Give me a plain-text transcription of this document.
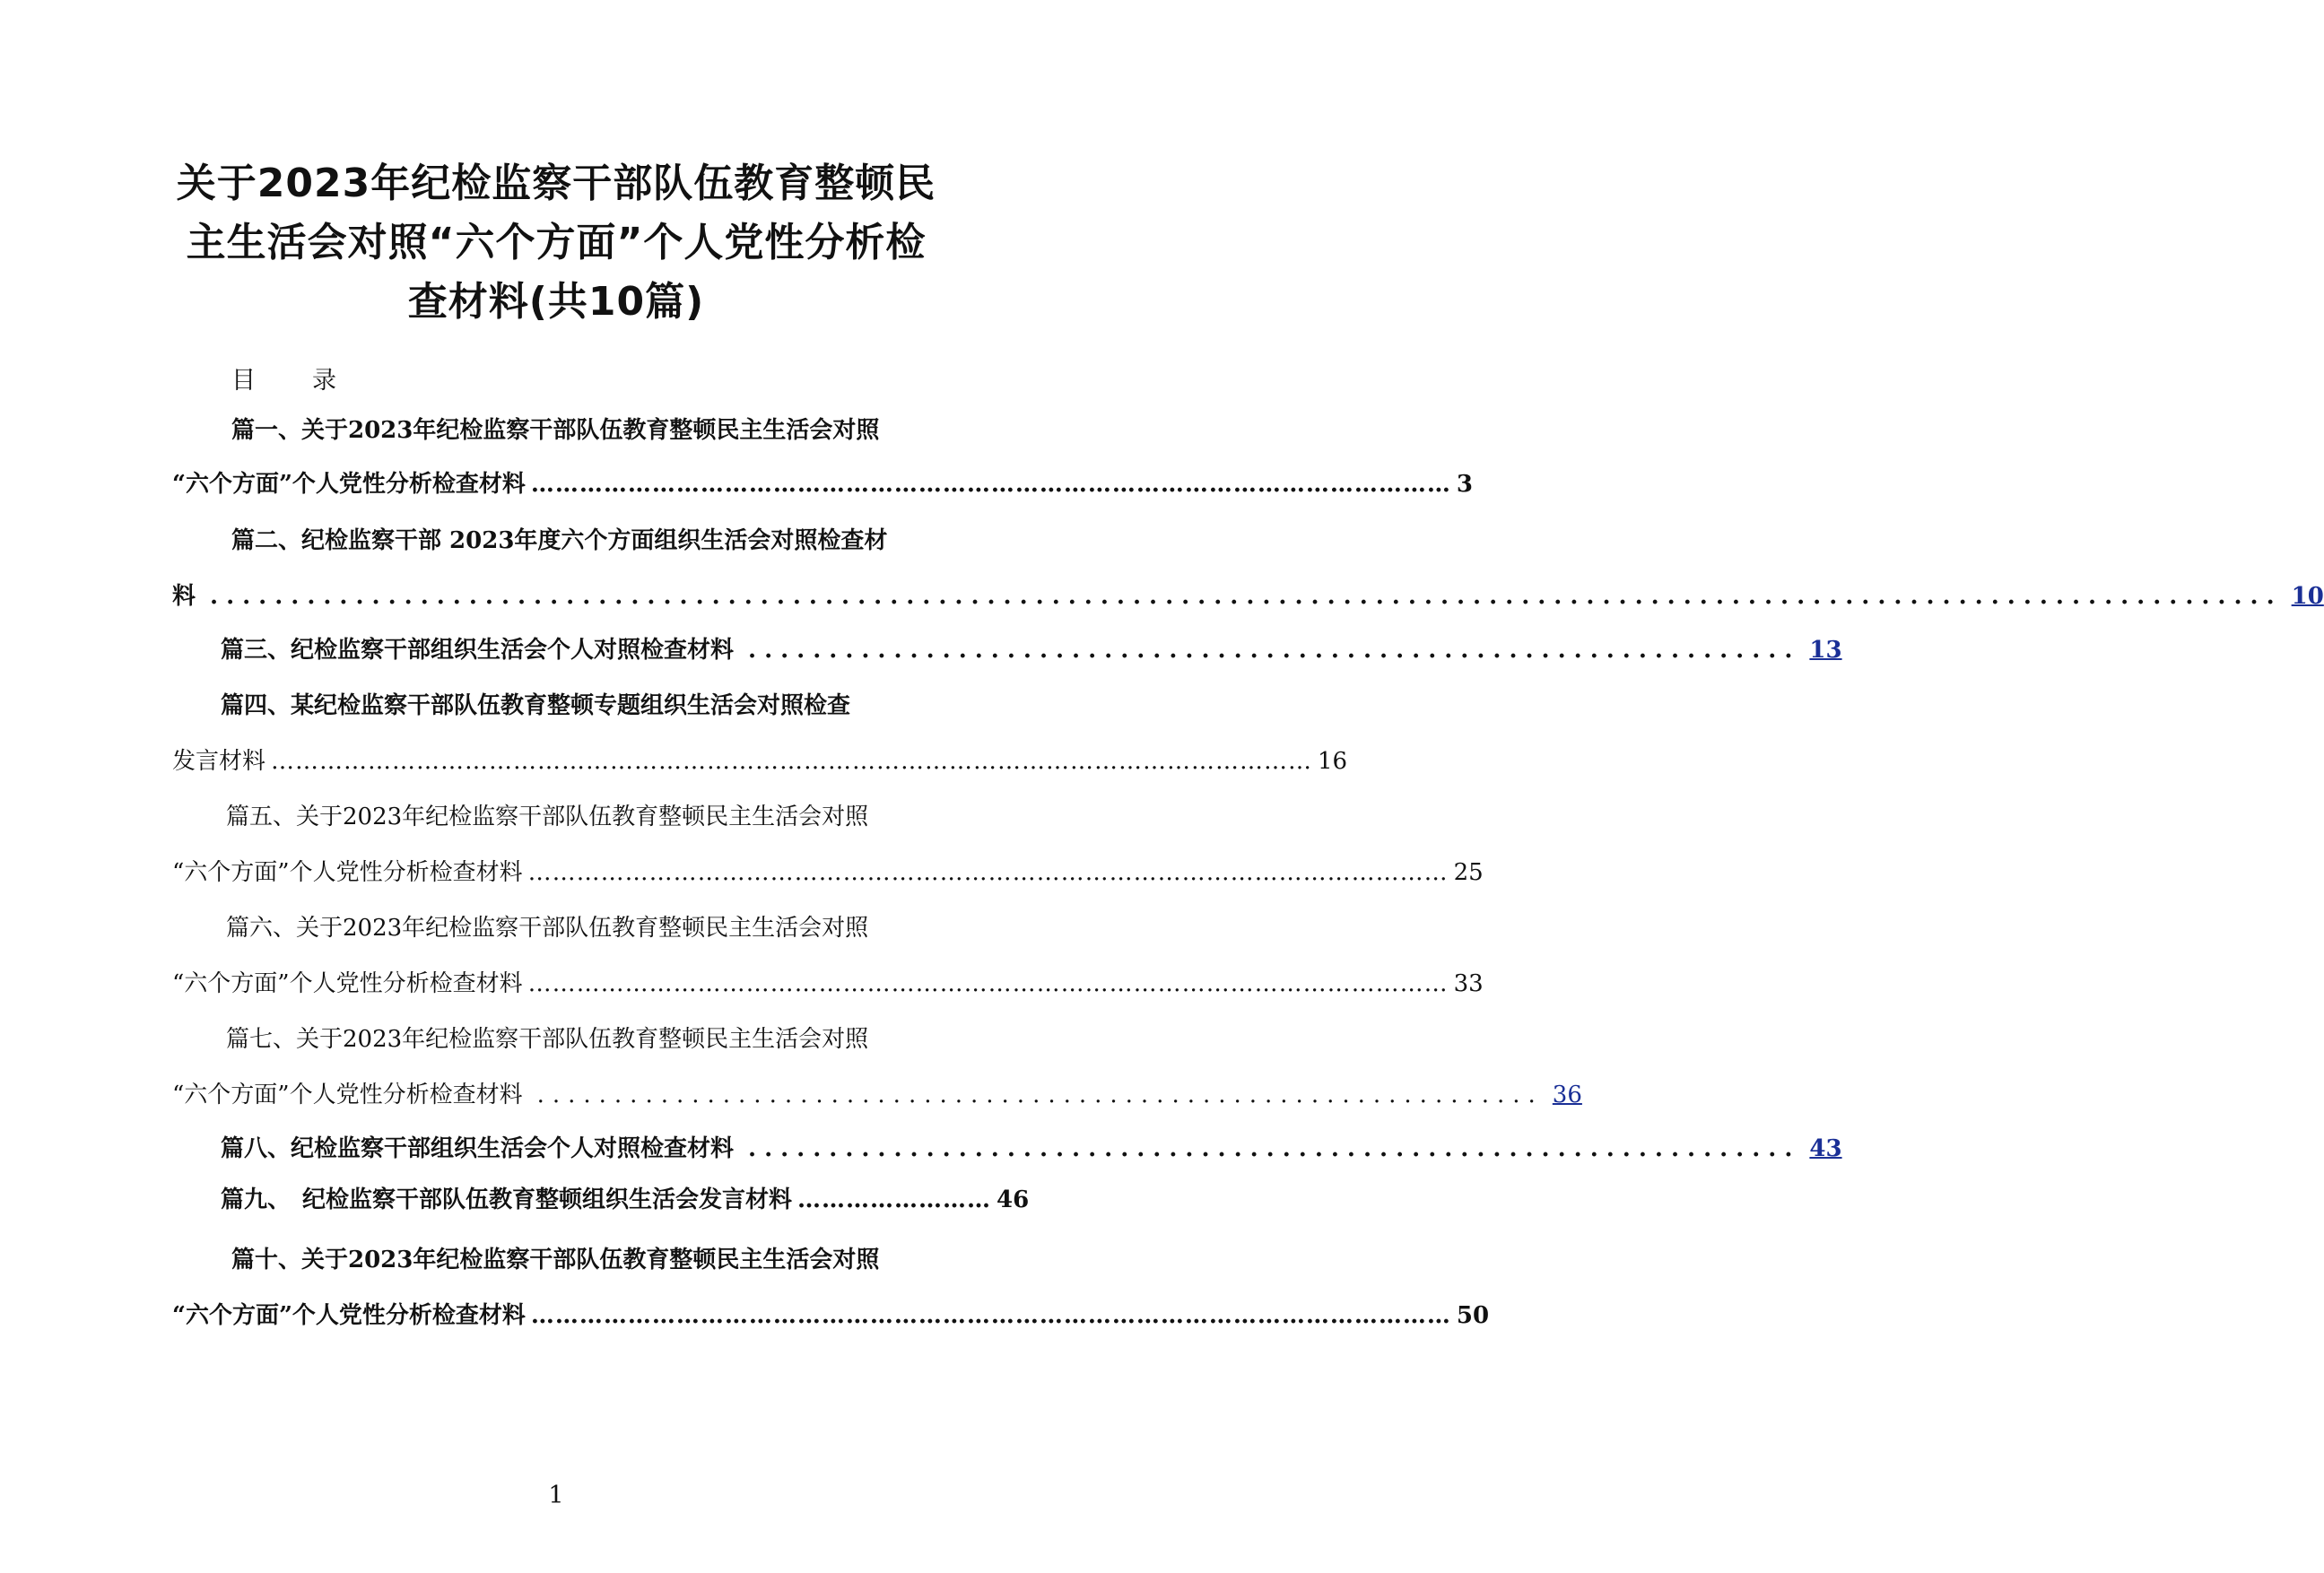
关于2023年纪检监察干部队伍教育整顿民
主生活会对照“六个方面”个人党性分析检
查材料(共10篇)
目　录
篇一、关于2023年纪检监察干部队伍教育整顿民主生活会对照
“六个方面”个人党性分析检查材料 …………………………………………………………………………………………………… 3
篇二、纪检监察干部 2023年度六个方面组织生活会对照检查材
料 ................................................................................................................................ 10
篇三、纪检监察干部组织生活会个人对照检查材料 ................................................................. 13
篇四、某纪检监察干部队伍教育整顿专题组织生活会对照检查
发言材料 ………………………………………………………………………………………………………………… 16
篇五、关于2023年纪检监察干部队伍教育整顿民主生活会对照
“六个方面”个人党性分析检查材料 …………………………………………………………………………………………………… 25
篇六、关于2023年纪检监察干部队伍教育整顿民主生活会对照
“六个方面”个人党性分析检查材料 …………………………………………………………………………………………………… 33
篇七、关于2023年纪检监察干部队伍教育整顿民主生活会对照
“六个方面”个人党性分析检查材料 ................................................................. 36
篇八、纪检监察干部组织生活会个人对照检查材料 ................................................................. 43
篇九、　纪检监察干部队伍教育整顿组织生活会发言材料 …………………… 46
篇十、关于2023年纪检监察干部队伍教育整顿民主生活会对照
“六个方面”个人党性分析检查材料 …………………………………………………………………………………………………… 50
1
